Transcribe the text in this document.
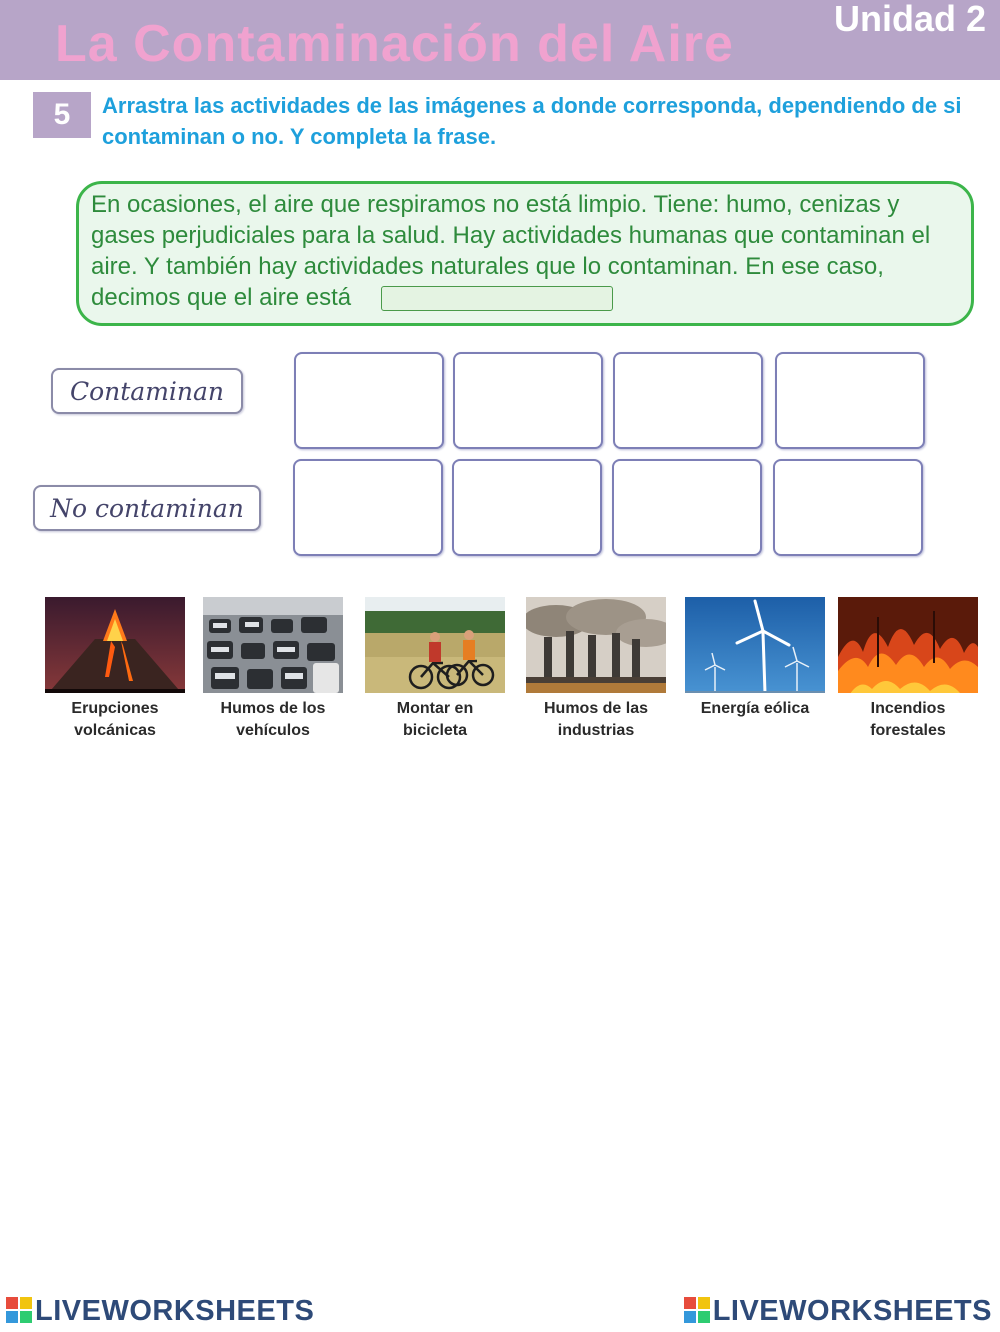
La Contaminación del Aire	Unidad 2
5	Arrastra las actividades de las imágenes a donde corresponda, dependiendo de si contaminan o no. Y completa la frase.
En ocasiones, el aire que respiramos no está limpio. Tiene: humo, cenizas y gases perjudiciales para la salud. Hay actividades humanas que contaminan el aire. Y también hay actividades naturales que lo contaminan. En ese caso, decimos que el aire está
Contaminan
No contaminan
Erupciones volcánicas
Humos de los vehículos
Montar en bicicleta
Humos de las industrias
Energía eólica	Incendios forestales
LIVEWORKSHEETS	LIVEWORKSHEETS
